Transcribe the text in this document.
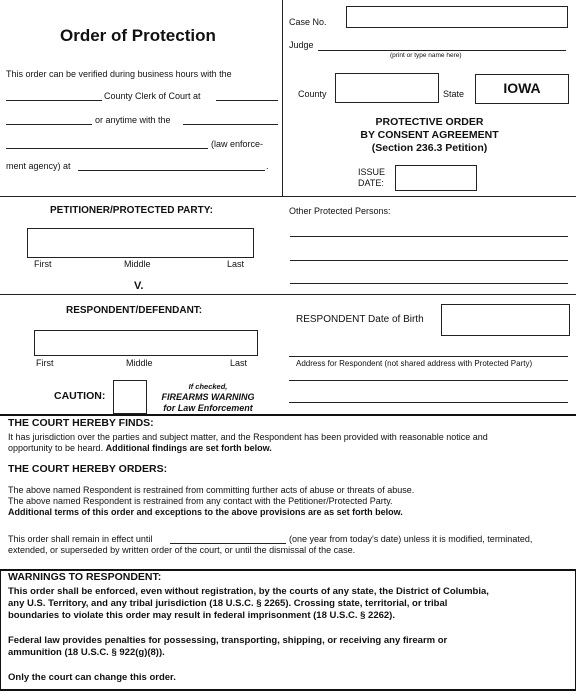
Order of Protection
This order can be verified during business hours with the
County Clerk of Court at
or anytime with the
(law enforce-
ment agency) at	.
Case No.
Judge
(print or type name here)
County	State	IOWA
PROTECTIVE ORDER
BY CONSENT AGREEMENT
(Section 236.3 Petition)
ISSUE
DATE:
PETITIONER/PROTECTED PARTY:
First	Middle	Last
Other Protected Persons:
V.
RESPONDENT/DEFENDANT:
First	Middle	Last
RESPONDENT Date of Birth
Address for Respondent (not shared address with Protected Party)
CAUTION:
If checked,
FIREARMS WARNING
for Law Enforcement
THE COURT HEREBY FINDS:
It has jurisdiction over the parties and subject matter, and the Respondent has been provided with reasonable notice and
opportunity to be heard. Additional findings are set forth below.
THE COURT HEREBY ORDERS:
The above named Respondent is restrained from committing further acts of abuse or threats of abuse.
The above named Respondent is restrained from any contact with the Petitioner/Protected Party.
Additional terms of this order and exceptions to the above provisions are as set forth below.
This order shall remain in effect until	(one year from today's date) unless it is modified, terminated,
extended, or superseded by written order of the court, or until the dismissal of the case.
WARNINGS TO RESPONDENT:
This order shall be enforced, even without registration, by the courts of any state, the District of Columbia,
any U.S. Territory, and any tribal jurisdiction (18 U.S.C. § 2265). Crossing state, territorial, or tribal
boundaries to violate this order may result in federal imprisonment (18 U.S.C. § 2262).
Federal law provides penalties for possessing, transporting, shipping, or receiving any firearm or
ammunition (18 U.S.C. § 922(g)(8)).
Only the court can change this order.
